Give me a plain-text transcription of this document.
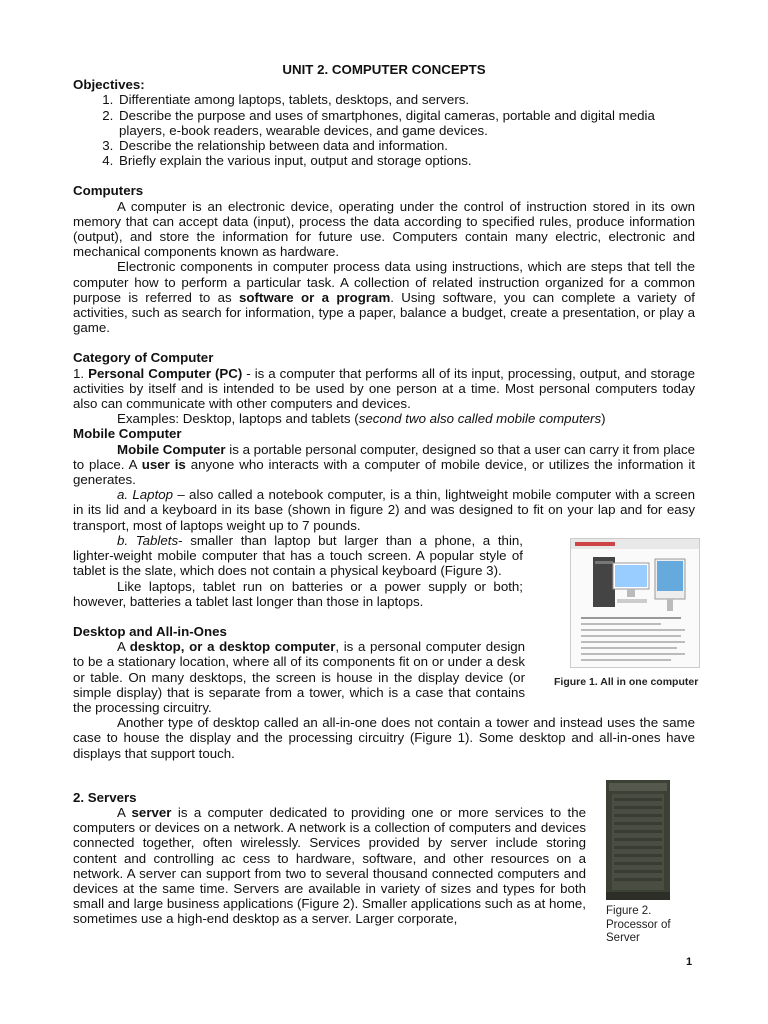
UNIT 2. COMPUTER CONCEPTS
Objectives:
1. Differentiate among laptops, tablets, desktops, and servers.
2. Describe the purpose and uses of smartphones, digital cameras, portable and digital media players, e-book readers, wearable devices, and game devices.
3. Describe the relationship between data and information.
4. Briefly explain the various input, output and storage options.
Computers

A computer is an electronic device, operating under the control of instruction stored in its own memory that can accept data (input), process the data according to specified rules, produce information (output), and store the information for future use. Computers contain many electric, electronic and mechanical components known as hardware.

Electronic components in computer process data using instructions, which are steps that tell the computer how to perform a particular task. A collection of related instruction organized for a common purpose is referred to as software or a program. Using software, you can complete a variety of activities, such as search for information, type a paper, balance a budget, create a presentation, or play a game.

Category of Computer

1. Personal Computer (PC) - is a computer that performs all of its input, processing, output, and storage activities by itself and is intended to be used by one person at a time. Most personal computers today also can communicate with other computers and devices.

Examples: Desktop, laptops and tablets (second two also called mobile computers)

Mobile Computer

Mobile Computer is a portable personal computer, designed so that a user can carry it from place to place. A user is anyone who interacts with a computer of mobile device, or utilizes the information it generates.

a. Laptop – also called a notebook computer, is a thin, lightweight mobile computer with a screen in its lid and a keyboard in its base (shown in figure 2) and was designed to fit on your lap and for easy transport, most of laptops weight up to 7 pounds.

b. Tablets- smaller than laptop but larger than a phone, a thin, lighter-weight mobile computer that has a touch screen. A popular style of tablet is the slate, which does not contain a physical keyboard (Figure 3).

Like laptops, tablet run on batteries or a power supply or both; however, batteries a tablet last longer than those in laptops.

Desktop and All-in-Ones

A desktop, or a desktop computer, is a personal computer design to be a stationary location, where all of its components fit on or under a desk or table. On many desktops, the screen is house in the display device (or simple display) that is separate from a tower, which is a case that contains the processing circuitry.

Another type of desktop called an all-in-one does not contain a tower and instead uses the same case to house the display and the processing circuitry (Figure 1). Some desktop and all-in-ones have displays that support touch.

2. Servers

A server is a computer dedicated to providing one or more services to the computers or devices on a network. A network is a collection of computers and devices connected together, often wirelessly. Services provided by server include storing content and controlling ac cess to hardware, software, and other resources on a network. A server can support from two to several thousand connected computers and devices at the same time. Servers are available in variety of sizes and types for both small and large business applications (Figure 2). Smaller applications such as at home, sometimes use a high-end desktop as a server. Larger corporate,

Figure 1. All in one computer
Figure 2. Processor of Server
1
